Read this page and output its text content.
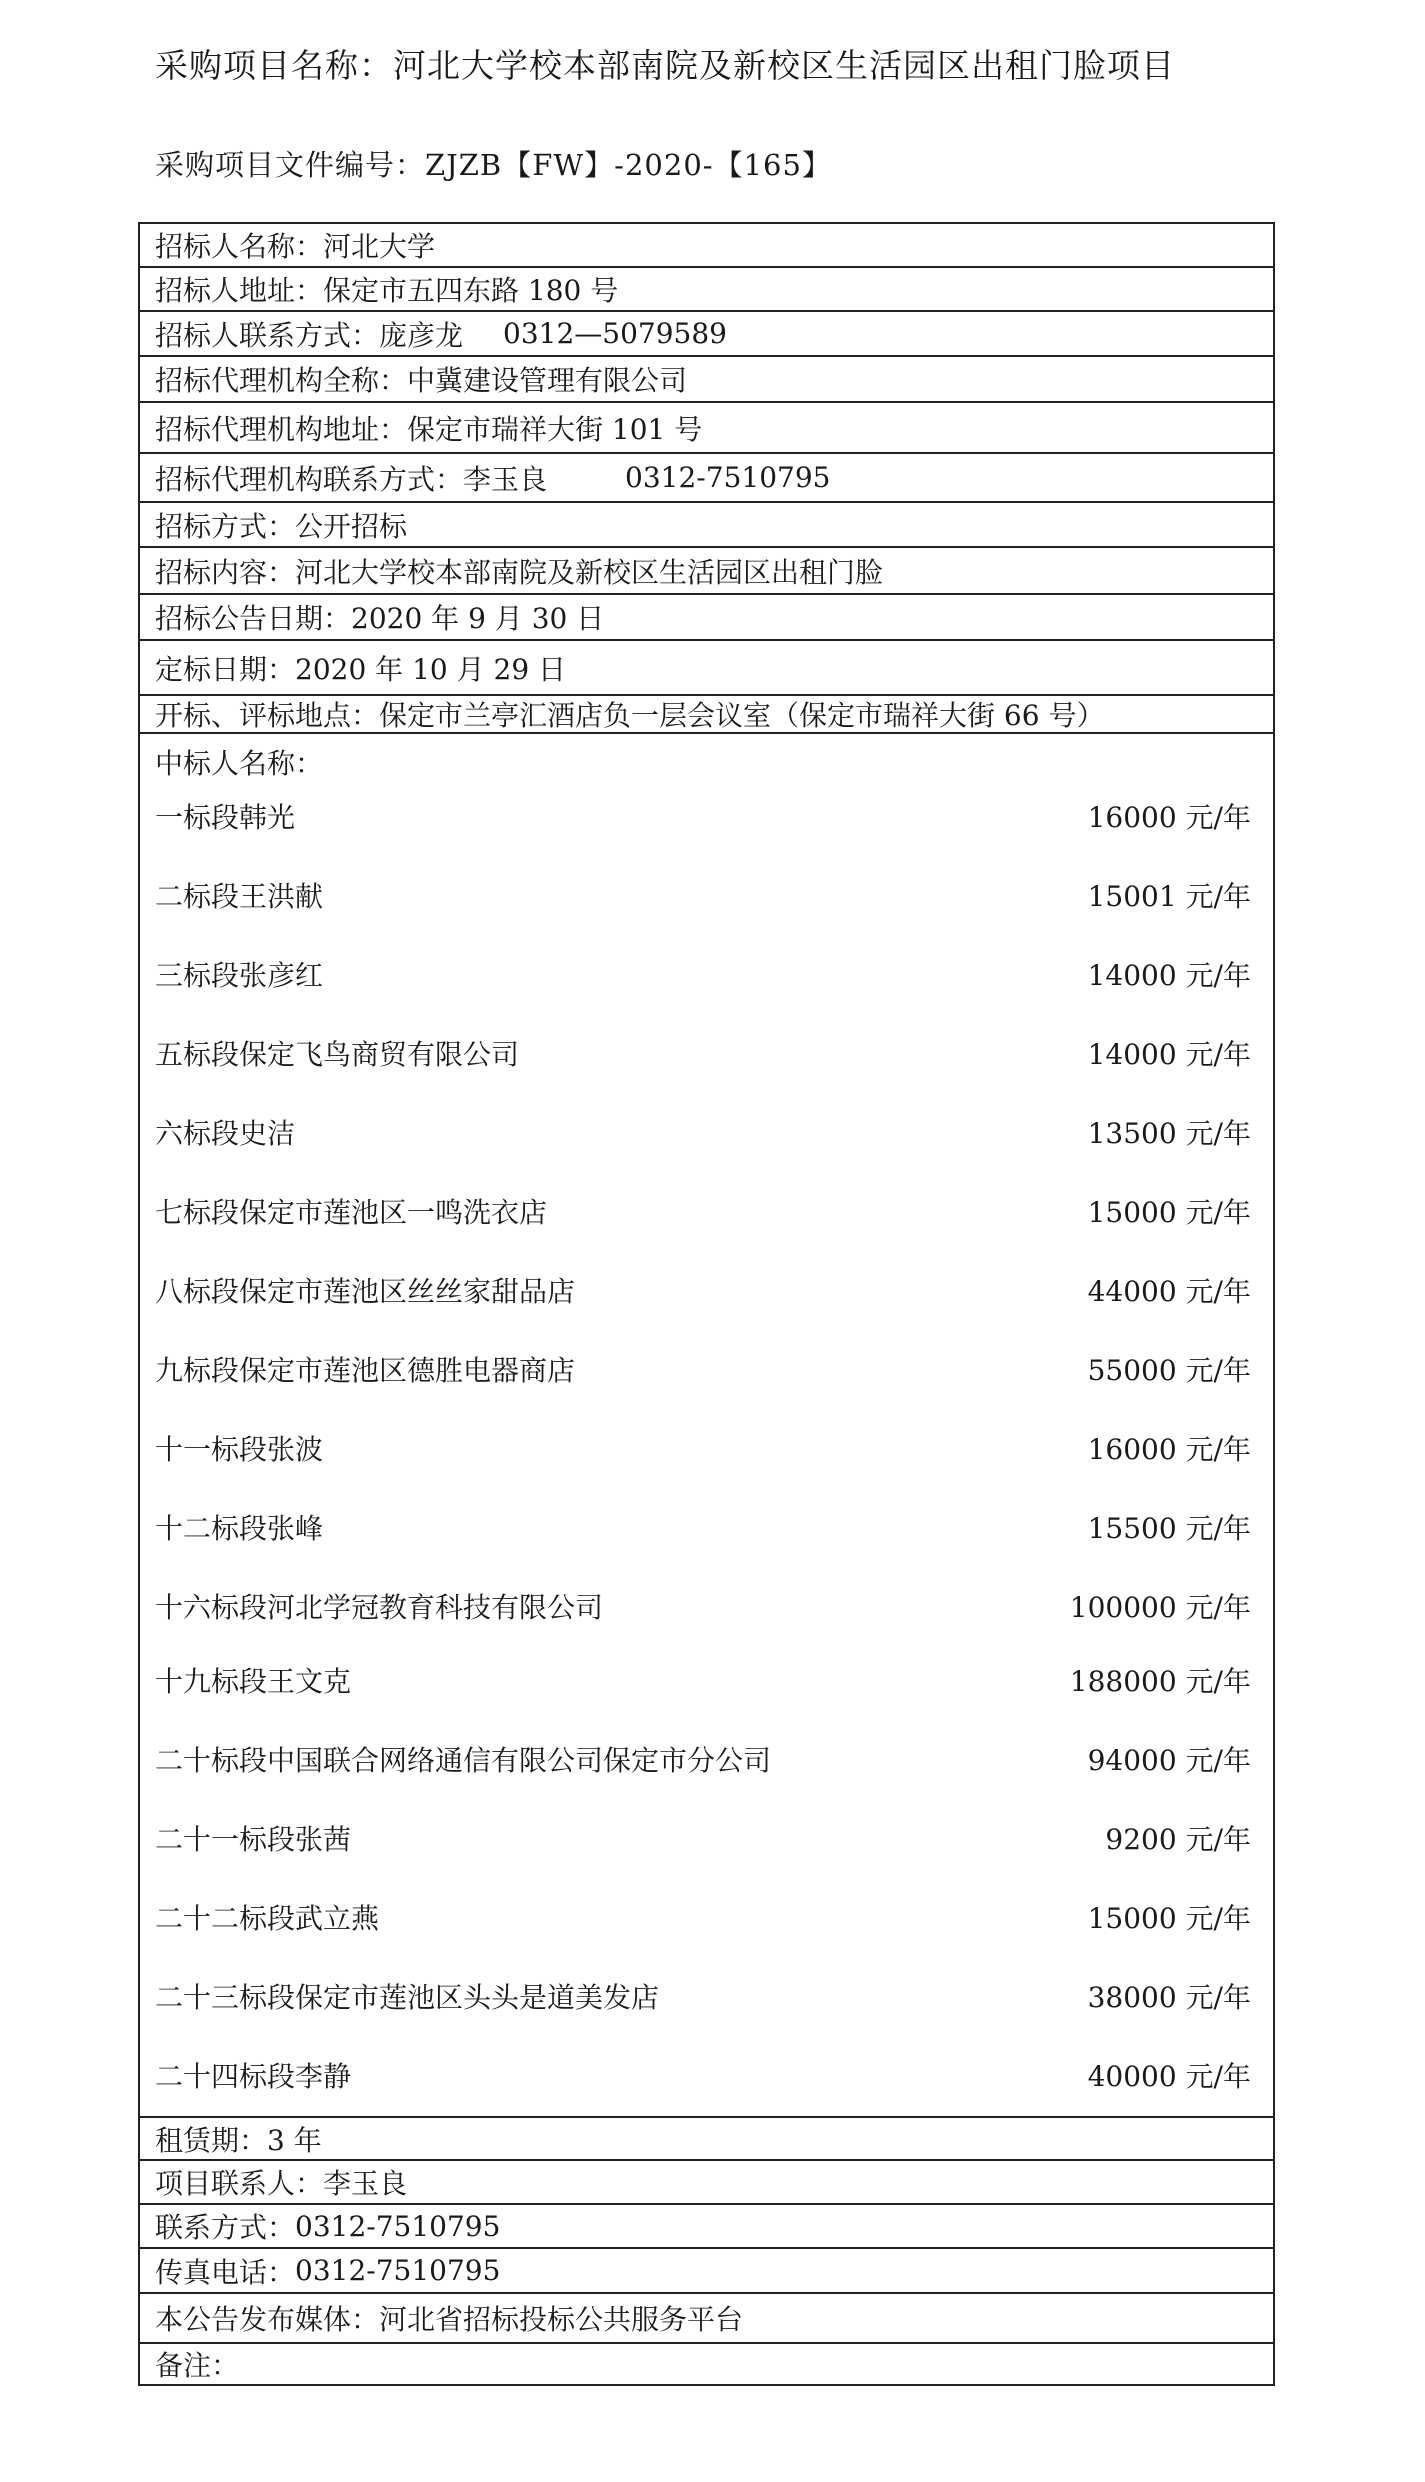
采购项目名称：河北大学校本部南院及新校区生活园区出租门脸项目
采购项目文件编号：ZJZB【FW】-2020-【165】
招标人名称： 河北大学
招标人地址： 保定市五四东路 180 号
招标人联系方式： 庞彦龙 0312—5079589
招标代理机构全称： 中冀建设管理有限公司
招标代理机构地址： 保定市瑞祥大街 101 号
招标代理机构联系方式： 李玉良	0312-7510795
招标方式： 公开招标
招标内容： 河北大学校本部南院及新校区生活园区出租门脸
招标公告日期： 2020 年 9 月 30 日
定标日期： 2020 年 10 月 29 日
开标、评标地点： 保定市兰亭汇酒店负一层会议室（保定市瑞祥大街 66 号）
中标人名称：
一标段韩光	16000 元/年
二标段王洪献	15001 元/年
三标段张彦红	14000 元/年
五标段保定飞鸟商贸有限公司	14000 元/年
六标段史洁	13500 元/年
七标段保定市莲池区一鸣洗衣店	15000 元/年
八标段保定市莲池区丝丝家甜品店	44000 元/年
九标段保定市莲池区德胜电器商店	55000 元/年
十一标段张波	16000 元/年
十二标段张峰	15500 元/年
十六标段河北学冠教育科技有限公司	100000 元/年
十九标段王文克	188000 元/年
二十标段中国联合网络通信有限公司保定市分公司	94000 元/年
二十一标段张茜	9200 元/年
二十二标段武立燕	15000 元/年
二十三标段保定市莲池区头头是道美发店	38000 元/年
二十四标段李静	40000 元/年
租赁期： 3 年
项目联系人： 李玉良
联系方式： 0312-7510795
传真电话： 0312-7510795
本公告发布媒体： 河北省招标投标公共服务平台
备注：
